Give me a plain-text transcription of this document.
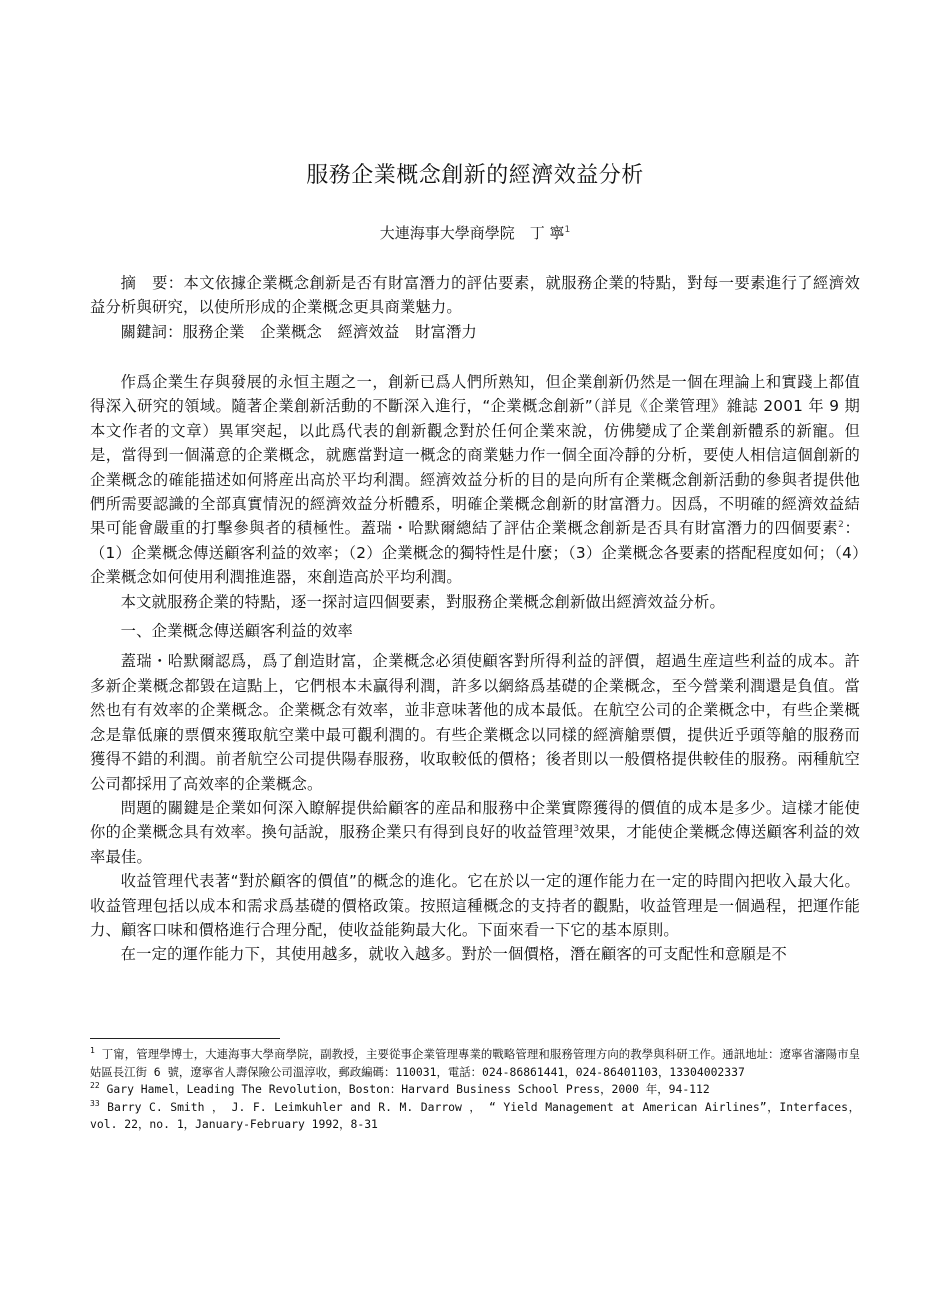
服務企業概念創新的經濟效益分析
大連海事大學商學院　丁 寧$^1$

摘　要：本文依據企業概念創新是否有財富潛力的評估要素，就服務企業的特點，對每一要素進行了經濟效益分析與研究，以使所形成的企業概念更具商業魅力。

關鍵詞：服務企業　企業概念　經濟效益　財富潛力

作爲企業生存與發展的永恒主題之一，創新已爲人們所熟知，但企業創新仍然是一個在理論上和實踐上都值得深入研究的領域。隨著企業創新活動的不斷深入進行，“企業概念創新”（詳見《企業管理》雜誌 2001 年 9 期本文作者的文章）異軍突起，以此爲代表的創新觀念對於任何企業來說，仿佛變成了企業創新體系的新寵。但是，當得到一個滿意的企業概念，就應當對這一概念的商業魅力作一個全面冷靜的分析，要使人相信這個創新的企業概念的確能描述如何將産出高於平均利潤。經濟效益分析的目的是向所有企業概念創新活動的參與者提供他們所需要認識的全部真實情況的經濟效益分析體系，明確企業概念創新的財富潛力。因爲，不明確的經濟效益結果可能會嚴重的打擊參與者的積極性。蓋瑞・哈默爾總結了評估企業概念創新是否具有財富潛力的四個要素$^2$：（1）企業概念傳送顧客利益的效率；（2）企業概念的獨特性是什麼；（3）企業概念各要素的搭配程度如何；（4）企業概念如何使用利潤推進器，來創造高於平均利潤。

本文就服務企業的特點，逐一探討這四個要素，對服務企業概念創新做出經濟效益分析。

一、企業概念傳送顧客利益的效率

蓋瑞・哈默爾認爲，爲了創造財富，企業概念必須使顧客對所得利益的評價，超過生産這些利益的成本。許多新企業概念都毀在這點上，它們根本未贏得利潤，許多以網絡爲基礎的企業概念，至今營業利潤還是負值。當然也有有效率的企業概念。企業概念有效率，並非意味著他的成本最低。在航空公司的企業概念中，有些企業概念是靠低廉的票價來獲取航空業中最可觀利潤的。有些企業概念以同樣的經濟艙票價，提供近乎頭等艙的服務而獲得不錯的利潤。前者航空公司提供陽春服務，收取較低的價格；後者則以一般價格提供較佳的服務。兩種航空公司都採用了高效率的企業概念。

問題的關鍵是企業如何深入瞭解提供給顧客的産品和服務中企業實際獲得的價值的成本是多少。這樣才能使你的企業概念具有效率。換句話說，服務企業只有得到良好的收益管理$^3$效果，才能使企業概念傳送顧客利益的效率最佳。

收益管理代表著“對於顧客的價值”的概念的進化。它在於以一定的運作能力在一定的時間內把收入最大化。收益管理包括以成本和需求爲基礎的價格政策。按照這種概念的支持者的觀點，收益管理是一個過程，把運作能力、顧客口味和價格進行合理分配，使收益能夠最大化。下面來看一下它的基本原則。

在一定的運作能力下，其使用越多，就收入越多。對於一個價格，潛在顧客的可支配性和意願是不

$^1$ 丁甯，管理學博士，大連海事大學商學院，副教授，主要從事企業管理專業的戰略管理和服務管理方向的教學與科研工作。通訊地址：遼寧省瀋陽市皇姑區長江街 6 號，遼寧省人壽保險公司溫淳收，郵政編碼：110031，電話：024-86861441，024-86401103，13304002337

$^{22}$ Gary Hamel，Leading The Revolution，Boston：Harvard Business School Press，2000 年，94-112

$^{33}$ Barry C. Smith ， J. F. Leimkuhler and R. M. Darrow ， “ Yield Management at American Airlines”，Interfaces，vol. 22，no. 1，January-February 1992，8-31
